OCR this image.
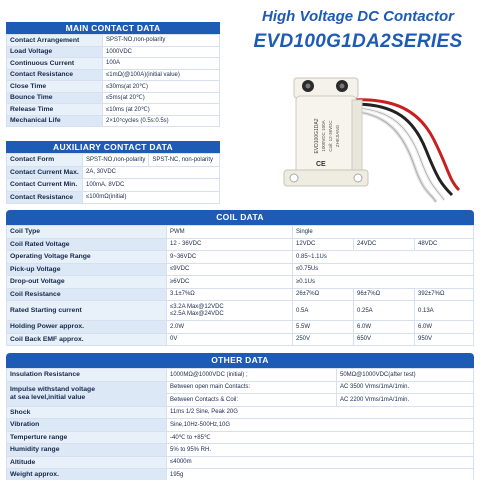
High Voltage DC Contactor
EVD100G1DA2SERIES
MAIN CONTACT DATA
Contact Arrangement	SPST-NO,non-polarity
Load Voltage	1000VDC
Continuous Current	100A
Contact Resistance	≤1mΩ(@100A)(initial value)
Close Time	≤30ms(at 20℃)
Bounce Time	≤5ms(at 20℃)
Release Time	≤10ms (at 20℃)
Mechanical Life	2×10⁵cycles (0.5s:0.5s)
AUXILIARY CONTACT DATA
Contact Form	SPST-NO,non-polarity	SPST-NC, non-polarity
Contact Current Max.	2A, 30VDC	
Contact Current Min.	100mA, 8VDC	
Contact Resistance	≤100mΩ(initial)	
EVD100G1DA2 1000VDC 100A Coil: 12-36VDC ZHEJIANG
CE
COIL DATA
Coil Type	PWM	Single		
Coil Rated Voltage	12 - 36VDC	12VDC	24VDC	48VDC
Operating Voltage Range	9~36VDC	0.85~1.1Us		
Pick-up Voltage	≤9VDC	≤0.75Us		
Drop-out Voltage	≥6VDC	≥0.1Us		
Coil Resistance	3.1±7%Ω	26±7%Ω	96±7%Ω	392±7%Ω
Rated Starting current	≤3.2A Max@12VDC
≤2.5A Max@24VDC	0.5A	0.25A	0.13A
Holding Power approx.	2.0W	5.5W	6.0W	6.0W
Coil Back EMF approx.	0V	250V	650V	950V
OTHER DATA
Insulation Resistance	1000MΩ@1000VDC (initial) ;	50MΩ@1000VDC(after test)

Impulse withstand voltage
at sea level,initial value	Between open main Contacts:	AC 3500 Vrms/1mA/1min.
	Between Contacts & Coil:	AC 2200 Vrms/1mA/1min.
Shock	11ms 1/2 Sine, Peak 20G	
Vibration	Sine,10Hz-500Hz,10G	
Temperture range	-40℃ to +85℃	
Humidity range	5% to 95% RH.	
Altitude	≤4000m	
Weight approx.	195g	
